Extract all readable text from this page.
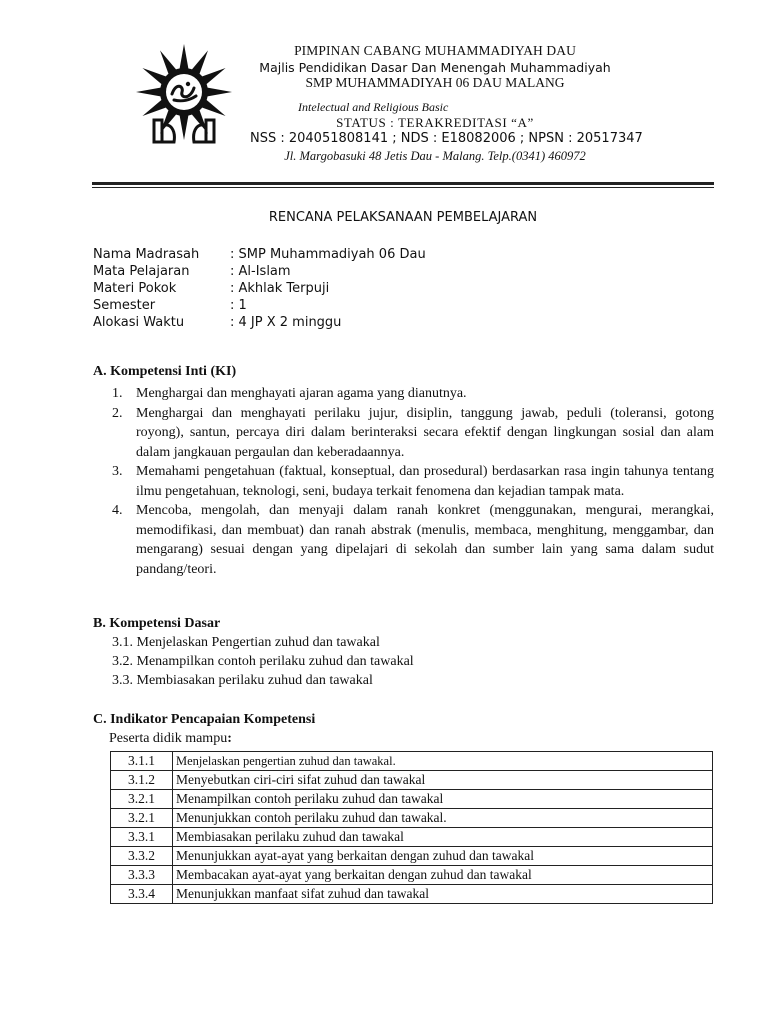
PIMPINAN CABANG MUHAMMADIYAH DAU
Majlis Pendidikan Dasar Dan Menengah Muhammadiyah
SMP MUHAMMADIYAH 06 DAU MALANG
Intelectual and Religious Basic
STATUS : TERAKREDITASI “A”
NSS : 204051808141 ; NDS : E18082006 ; NPSN : 20517347
Jl. Margobasuki 48 Jetis Dau - Malang. Telp.(0341) 460972
RENCANA PELAKSANAAN PEMBELAJARAN
Nama Madrasah : SMP Muhammadiyah 06 Dau
Mata Pelajaran	: Al-Islam
Materi Pokok	: Akhlak Terpuji
Semester	: 1
Alokasi Waktu	: 4 JP X 2 minggu
A. Kompetensi Inti (KI)
1. Menghargai dan menghayati ajaran agama yang dianutnya.
2. Menghargai dan menghayati perilaku jujur, disiplin, tanggung jawab, peduli (toleransi, gotong royong), santun, percaya diri dalam berinteraksi secara efektif dengan lingkungan sosial dan alam dalam jangkauan pergaulan dan keberadaannya.
3. Memahami pengetahuan (faktual, konseptual, dan prosedural) berdasarkan rasa ingin tahunya tentang ilmu pengetahuan, teknologi, seni, budaya terkait fenomena dan kejadian tampak mata.
4. Mencoba, mengolah, dan menyaji dalam ranah konkret (menggunakan, mengurai, merangkai, memodifikasi, dan membuat) dan ranah abstrak (menulis, membaca, menghitung, menggambar, dan mengarang) sesuai dengan yang dipelajari di sekolah dan sumber lain yang sama dalam sudut pandang/teori.
B. Kompetensi Dasar
3.1. Menjelaskan Pengertian zuhud dan tawakal
3.2. Menampilkan contoh perilaku zuhud dan tawakal
3.3. Membiasakan perilaku zuhud dan tawakal
C. Indikator Pencapaian Kompetensi
Peserta didik mampu:
3.1.1	Menjelaskan pengertian zuhud dan tawakal.
3.1.2	Menyebutkan ciri-ciri sifat zuhud dan tawakal
3.2.1	Menampilkan contoh perilaku zuhud dan tawakal
3.2.1	Menunjukkan contoh perilaku zuhud dan tawakal.
3.3.1	Membiasakan perilaku zuhud dan tawakal
3.3.2	Menunjukkan ayat-ayat yang berkaitan dengan zuhud dan tawakal
3.3.3	Membacakan ayat-ayat yang berkaitan dengan zuhud dan tawakal
3.3.4	Menunjukkan manfaat sifat zuhud dan tawakal
